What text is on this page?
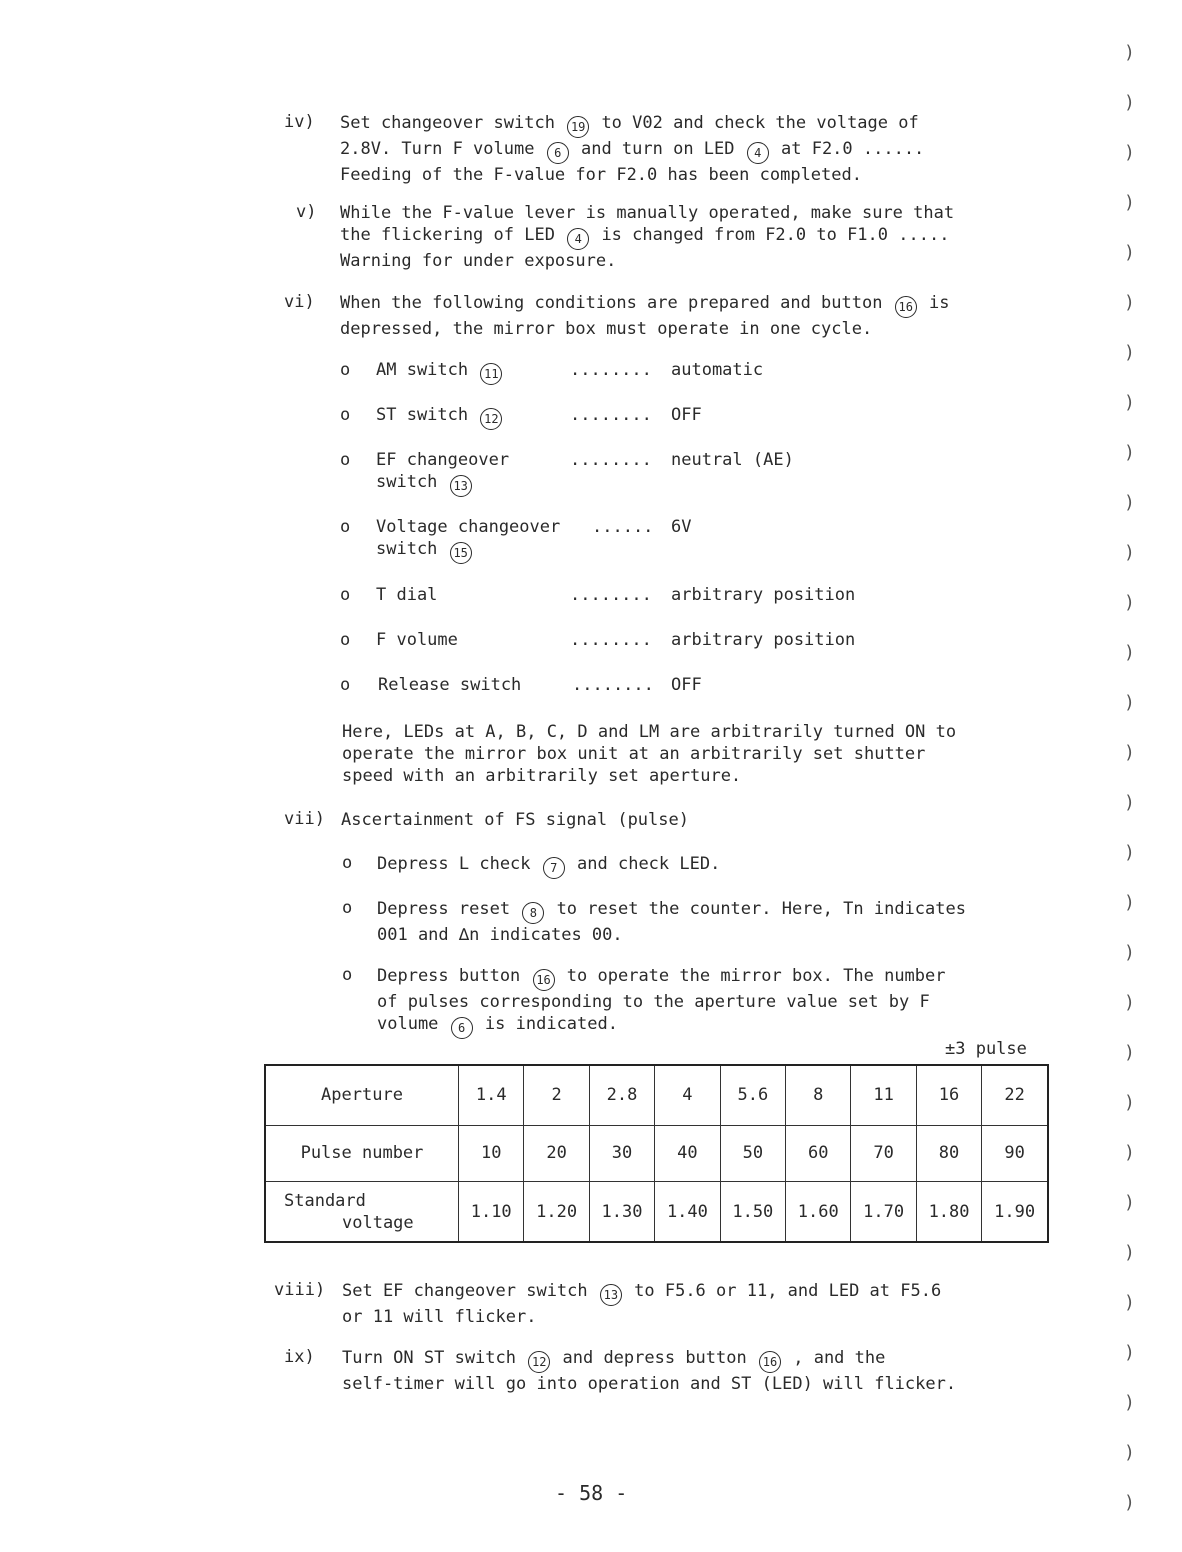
iv) Set changeover switch 19 to V02 and check the voltage of
2.8V. Turn F volume 6 and turn on LED 4 at F2.0 ......
Feeding of the F-value for F2.0 has been completed.
v) While the F-value lever is manually operated, make sure that
the flickering of LED 4 is changed from F2.0 to F1.0 .....
Warning for under exposure.
vi) When the following conditions are prepared and button 16 is
depressed, the mirror box must operate in one cycle.
o AM switch 11	........ automatic
o ST switch 12	........ OFF
o EF changeover
switch 13
........ neutral (AE)
o Voltage changeover
switch 15
...... 6V
o T dial	........ arbitrary position
o F volume	........ arbitrary position
o Release switch	........ OFF
Here, LEDs at A, B, C, D and LM are arbitrarily turned ON to
operate the mirror box unit at an arbitrarily set shutter
speed with an arbitrarily set aperture.
vii) Ascertainment of FS signal (pulse)
o Depress L check 7 and check LED.
o Depress reset 8 to reset the counter. Here, Tn indicates
001 and ∆n indicates 00.
o Depress button 16 to operate the mirror box. The number
of pulses corresponding to the aperture value set by F
volume 6 is indicated.
±3 pulse
Aperture	1.4	2	2.8	4	5.6	8	11	16	22
Pulse number	10	20	30	40	50	60	70	80	90

Standard
voltage	1.10	1.20	1.30	1.40	1.50	1.60	1.70	1.80	1.90
viii) Set EF changeover switch 13 to F5.6 or 11, and LED at F5.6
or 11 will flicker.
ix) Turn ON ST switch 12 and depress button 16 , and the
self-timer will go into operation and ST (LED) will flicker.
- 58 -
)
)
)
)
)
)
)
)
)
)
)
)
)
)
)
)
)
)
)
)
)
)
)
)
)
)
)
)
)
)
